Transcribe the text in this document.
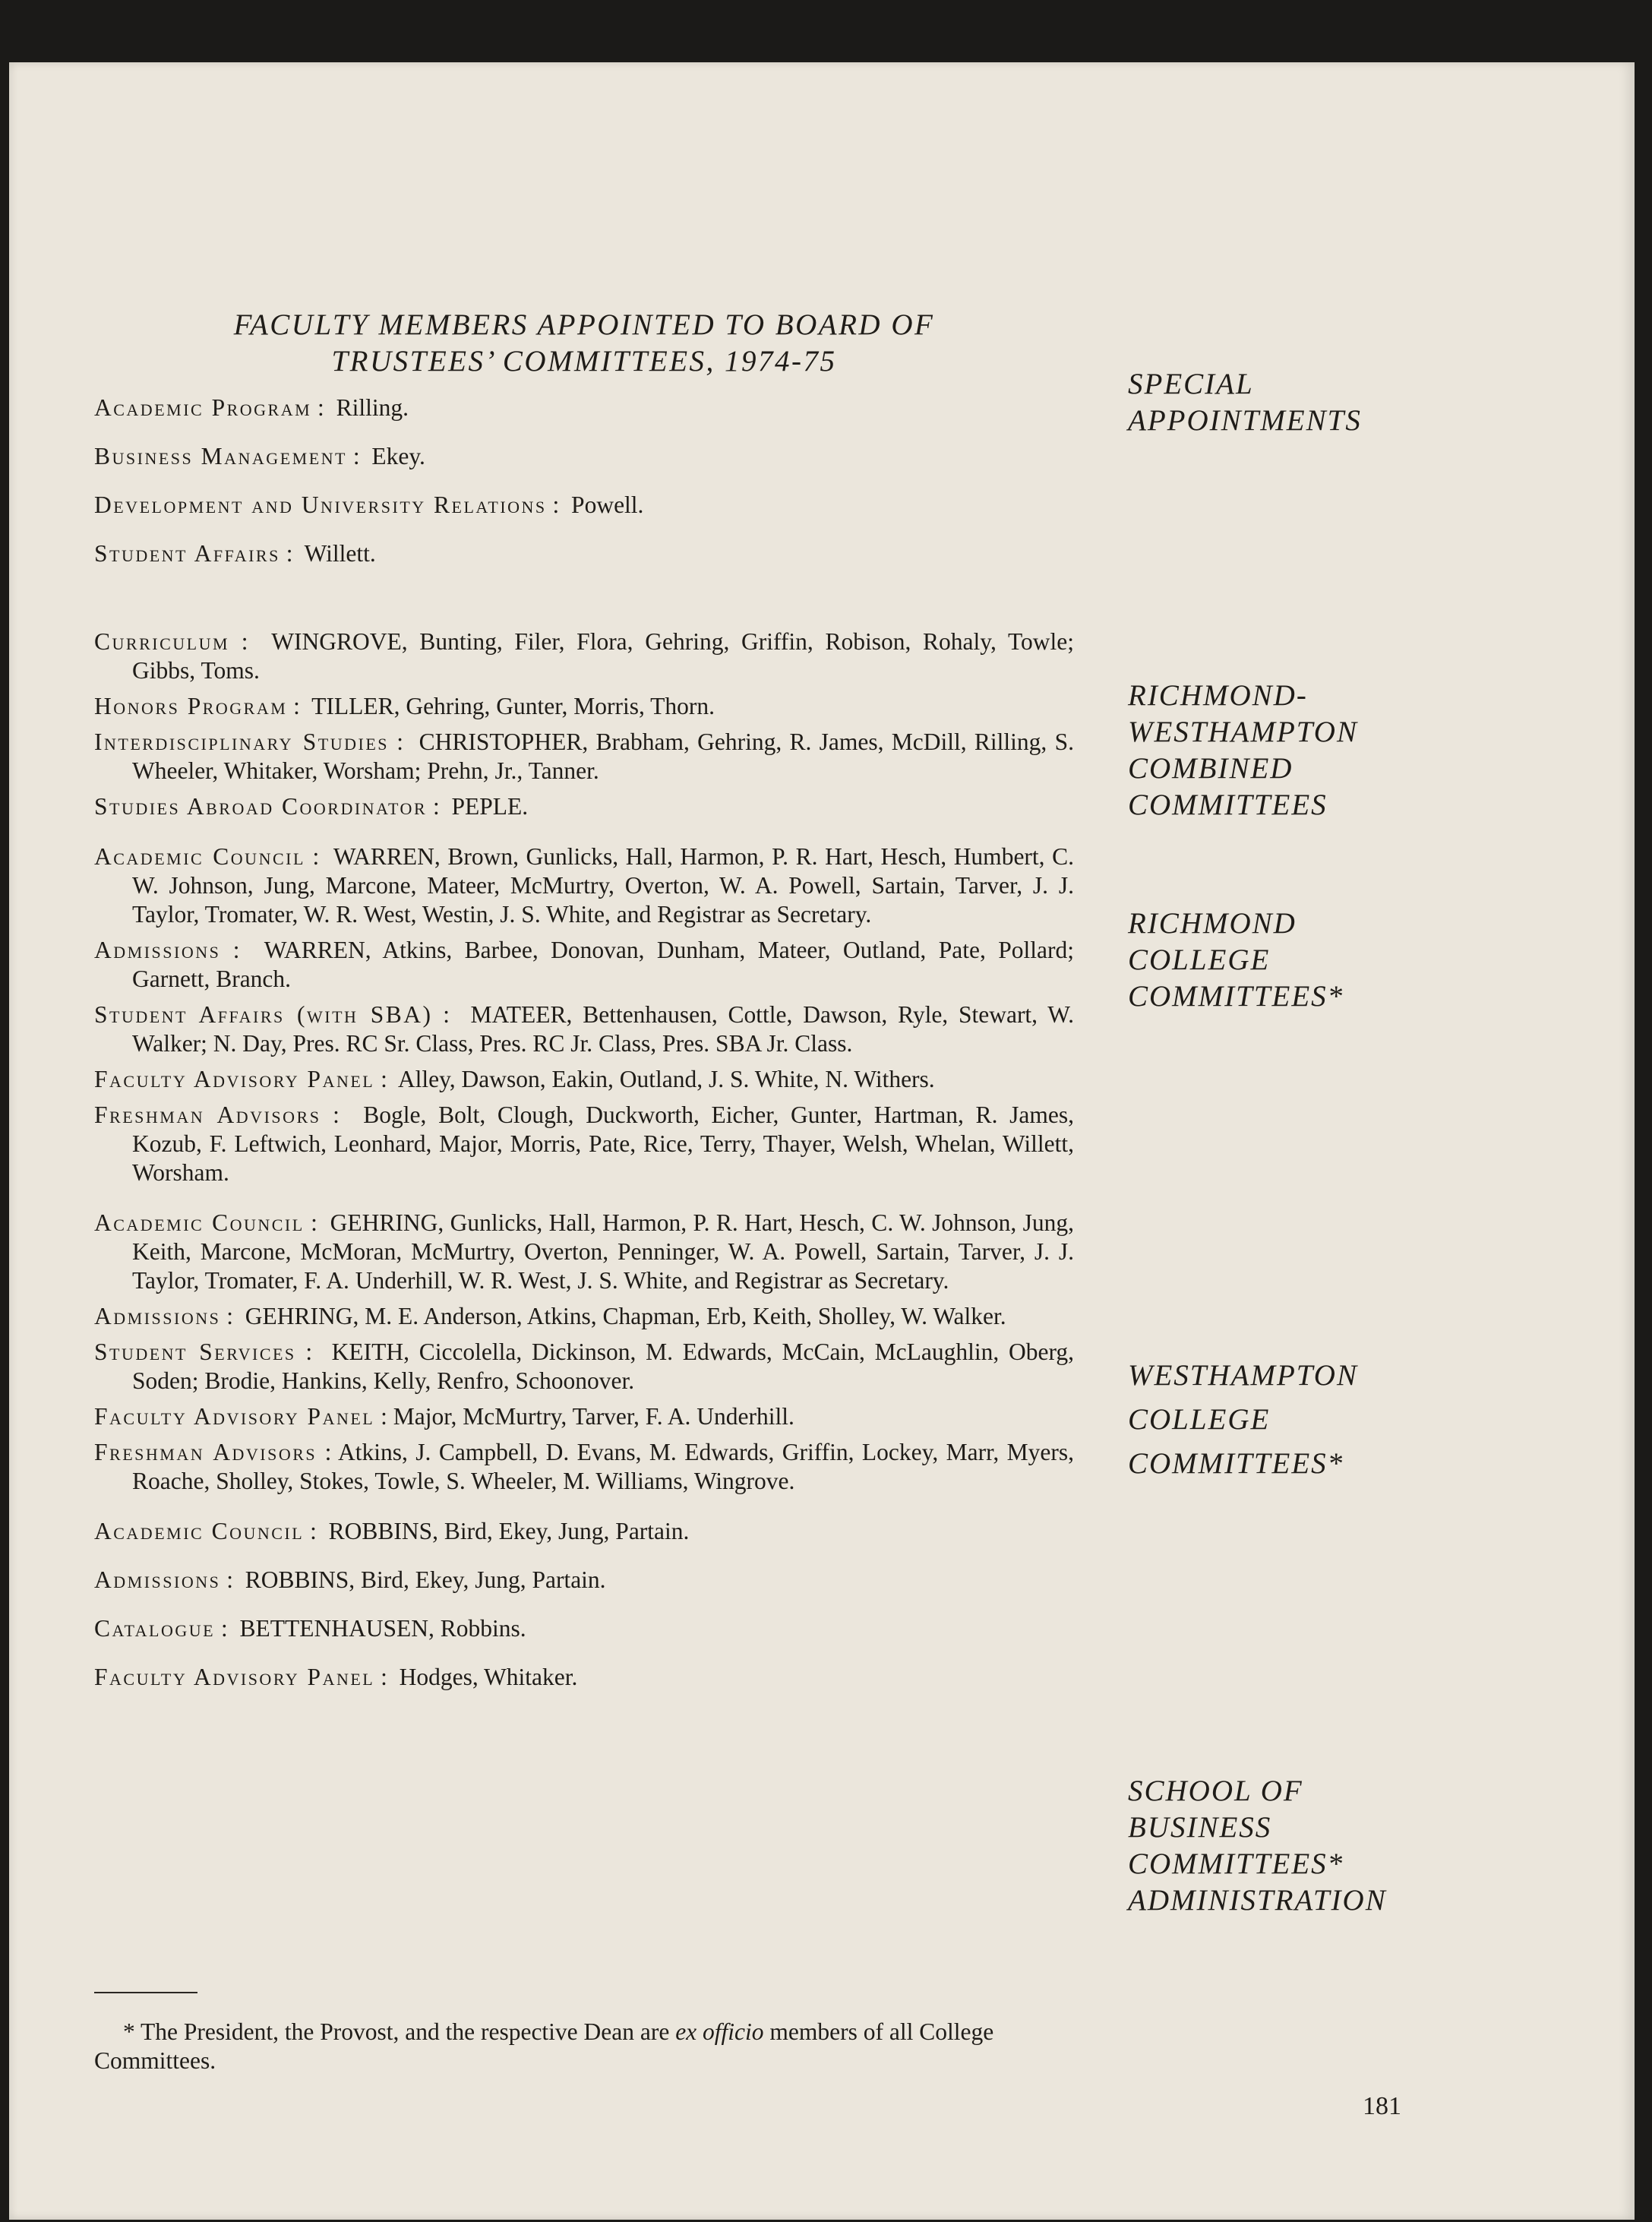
FACULTY MEMBERS APPOINTED TO BOARD OF
TRUSTEES’ COMMITTEES, 1974-75

Academic Program :  Rilling.

Business Management :  Ekey.

Development and University Relations :  Powell.

Student Affairs :  Willett.

Curriculum :  WINGROVE, Bunting, Filer, Flora, Gehring, Griffin, Robison, Rohaly, Towle; Gibbs, Toms.

Honors Program :  TILLER, Gehring, Gunter, Morris, Thorn.

Interdisciplinary Studies :  CHRISTOPHER, Brabham, Gehring, R. James, McDill, Rilling, S. Wheeler, Whitaker, Worsham; Prehn, Jr., Tanner.

Studies Abroad Coordinator :  PEPLE.

Academic Council :  WARREN, Brown, Gunlicks, Hall, Harmon, P. R. Hart, Hesch, Humbert, C. W. Johnson, Jung, Marcone, Mateer, McMurtry, Overton, W. A. Powell, Sartain, Tarver, J. J. Taylor, Tromater, W. R. West, Westin, J. S. White, and Registrar as Secretary.

Admissions :  WARREN, Atkins, Barbee, Donovan, Dunham, Mateer, Outland, Pate, Pollard; Garnett, Branch.

Student Affairs (with SBA) :  MATEER, Bettenhausen, Cottle, Dawson, Ryle, Stewart, W. Walker; N. Day, Pres. RC Sr. Class, Pres. RC Jr. Class, Pres. SBA Jr. Class.

Faculty Advisory Panel :  Alley, Dawson, Eakin, Outland, J. S. White, N. Withers.

Freshman Advisors :  Bogle, Bolt, Clough, Duckworth, Eicher, Gunter, Hartman, R. James, Kozub, F. Leftwich, Leonhard, Major, Morris, Pate, Rice, Terry, Thayer, Welsh, Whelan, Willett, Worsham.

Academic Council :  GEHRING, Gunlicks, Hall, Harmon, P. R. Hart, Hesch, C. W. Johnson, Jung, Keith, Marcone, McMoran, McMurtry, Overton, Penninger, W. A. Powell, Sartain, Tarver, J. J. Taylor, Tromater, F. A. Underhill, W. R. West, J. S. White, and Registrar as Secretary.

Admissions :  GEHRING, M. E. Anderson, Atkins, Chapman, Erb, Keith, Sholley, W. Walker.

Student Services :  KEITH, Ciccolella, Dickinson, M. Edwards, McCain, McLaughlin, Oberg, Soden; Brodie, Hankins, Kelly, Renfro, Schoonover.

Faculty Advisory Panel : Major, McMurtry, Tarver, F. A. Underhill.

Freshman Advisors : Atkins, J. Campbell, D. Evans, M. Edwards, Griffin, Lockey, Marr, Myers, Roache, Sholley, Stokes, Towle, S. Wheeler, M. Williams, Wingrove.

Academic Council :  ROBBINS, Bird, Ekey, Jung, Partain.

Admissions :  ROBBINS, Bird, Ekey, Jung, Partain.

Catalogue :  BETTENHAUSEN, Robbins.

Faculty Advisory Panel :  Hodges, Whitaker.

SPECIAL
APPOINTMENTS
RICHMOND-
WESTHAMPTON
COMBINED
COMMITTEES
RICHMOND
COLLEGE
COMMITTEES*
WESTHAMPTON
COLLEGE
COMMITTEES*
SCHOOL OF
BUSINESS
COMMITTEES*
ADMINISTRATION

* The President, the Provost, and the respective Dean are ex officio members of all College Committees.

181
